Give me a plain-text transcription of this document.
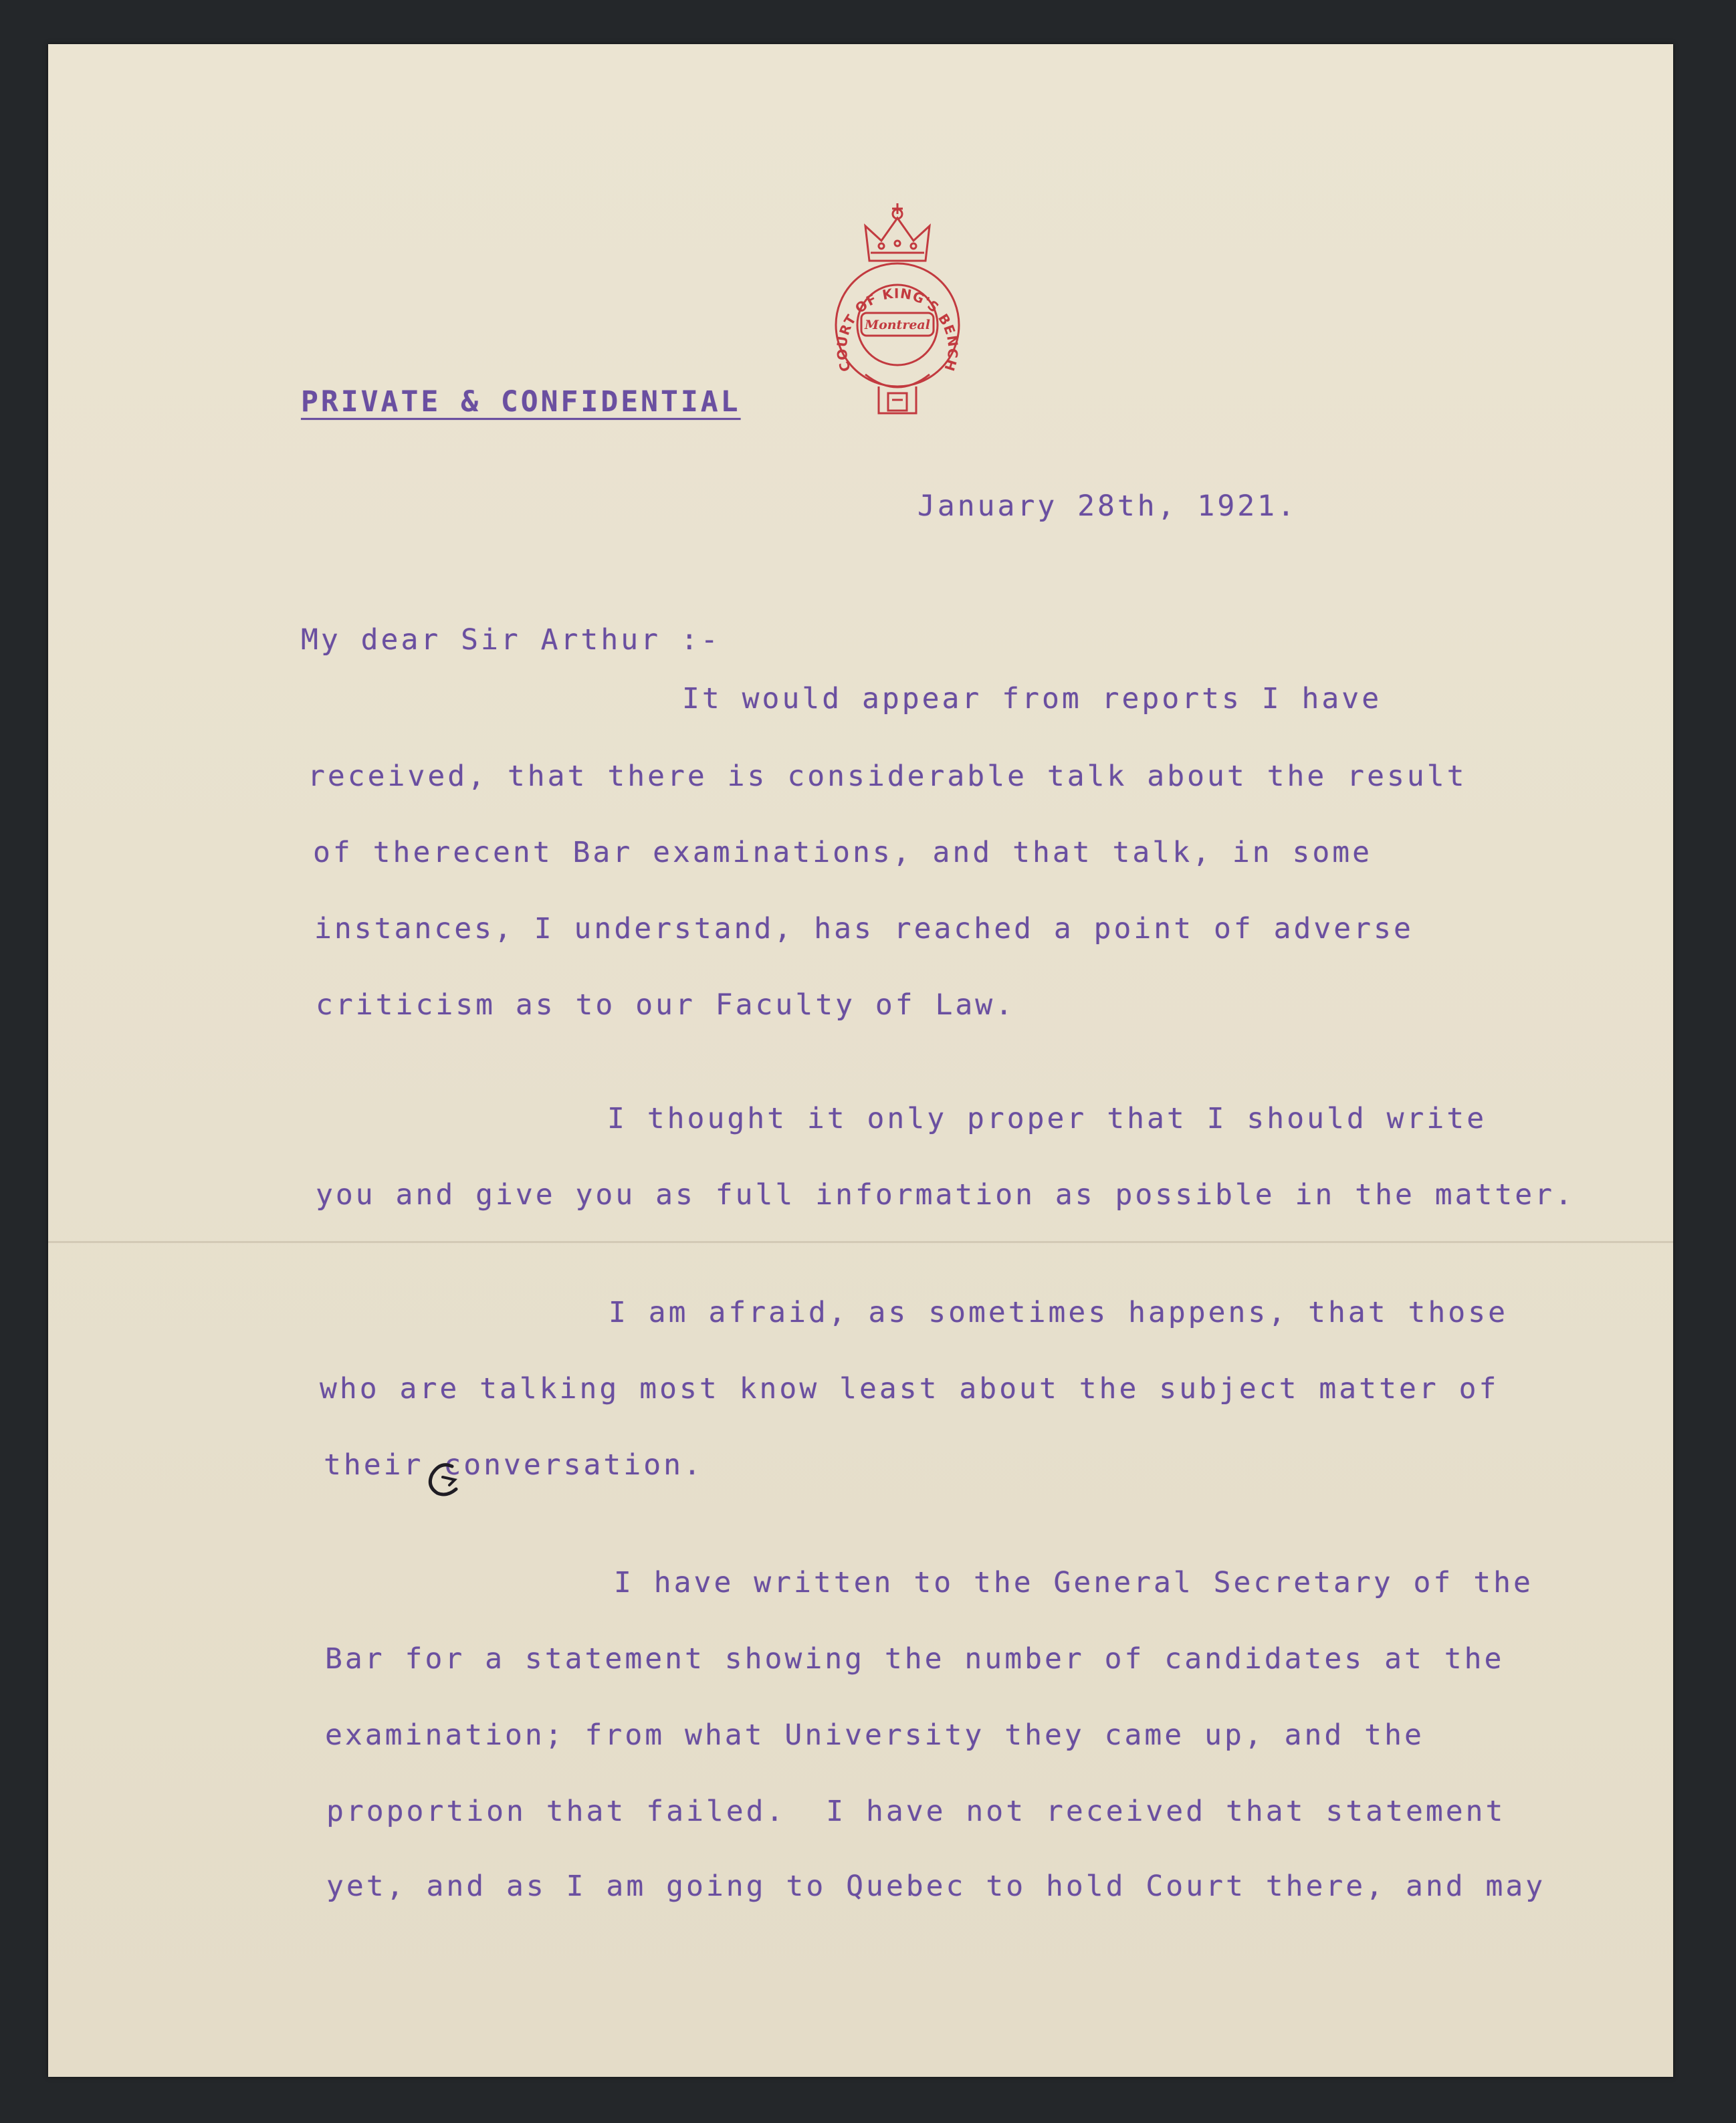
COURT OF KING'S BENCH
Montreal
PRIVATE & CONFIDENTIAL
January 28th, 1921.
My dear Sir Arthur :-
It would appear from reports I have
received, that there is considerable talk about the result
of therecent Bar examinations, and that talk, in some
instances, I understand, has reached a point of adverse
criticism as to our Faculty of Law.
I thought it only proper that I should write
you and give you as full information as possible in the matter.
I am afraid, as sometimes happens, that those
who are talking most know least about the subject matter of
their conversation.
I have written to the General Secretary of the
Bar for a statement showing the number of candidates at the
examination; from what University they came up, and the
proportion that failed.  I have not received that statement
yet, and as I am going to Quebec to hold Court there, and may
